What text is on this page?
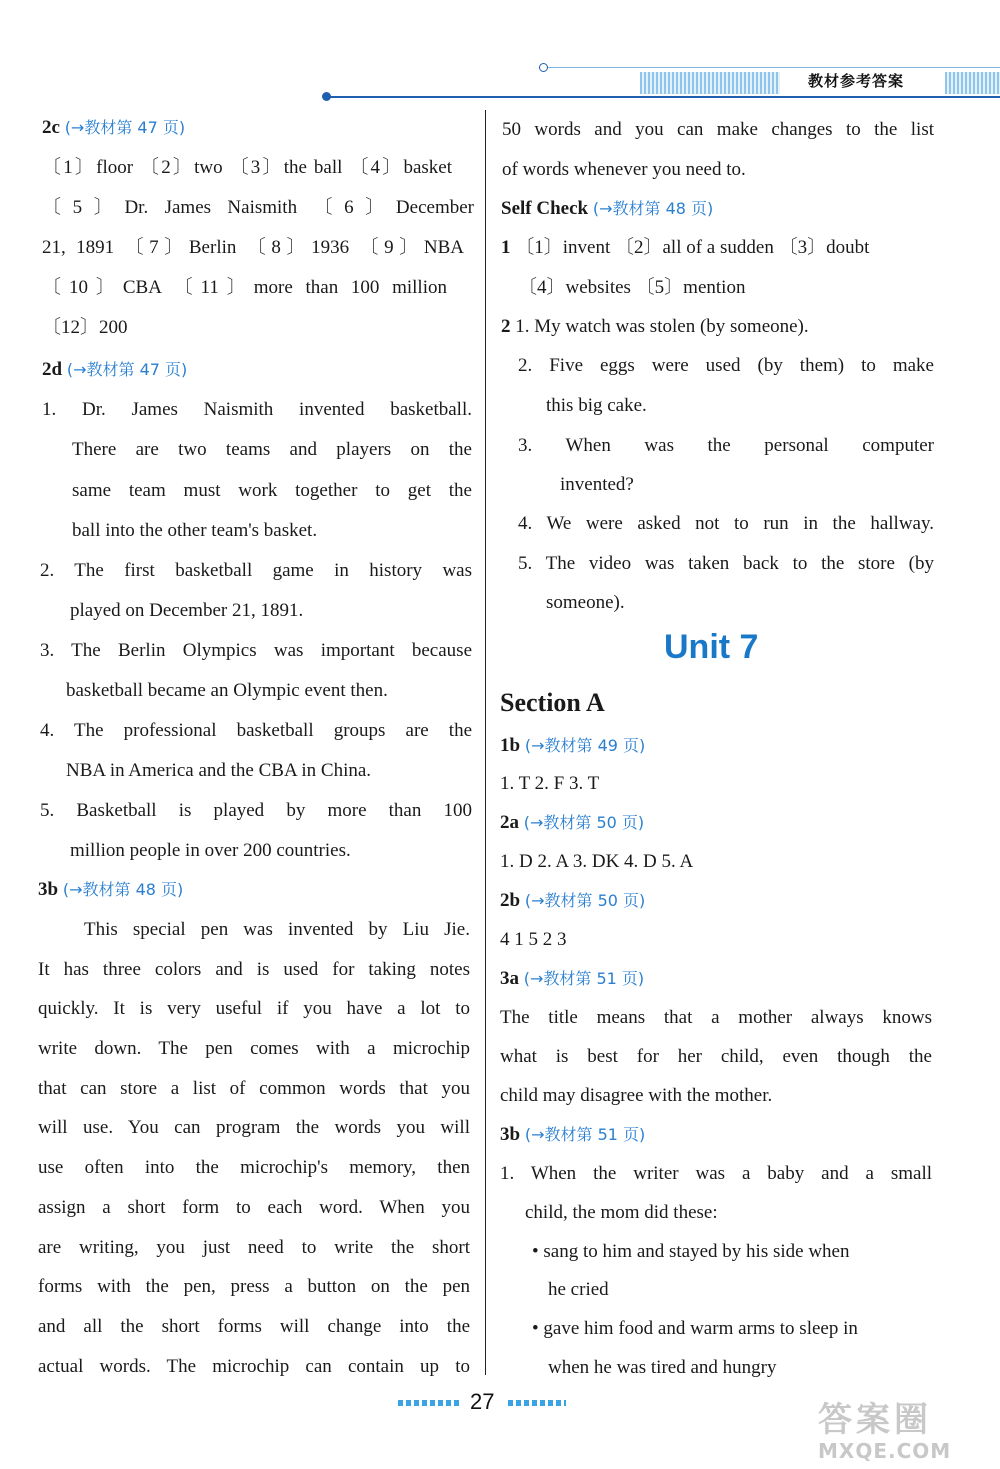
教材参考答案
2c (→教材第 47 页)
〔1〕floor 〔2〕two 〔3〕the ball 〔4〕basket
〔5〕Dr. James Naismith 〔6〕December
21, 1891 〔7〕Berlin 〔8〕1936 〔9〕NBA
〔10〕CBA 〔11〕more than 100 million
〔12〕200
2d (→教材第 47 页)
1. Dr. James Naismith invented basketball.
There are two teams and players on the
same team must work together to get the
ball into the other team's basket.
2. The first basketball game in history was
played on December 21, 1891.
3. The Berlin Olympics was important because
basketball became an Olympic event then.
4. The professional basketball groups are the
NBA in America and the CBA in China.
5. Basketball is played by more than 100
million people in over 200 countries.
3b (→教材第 48 页)
This special pen was invented by Liu Jie.
It has three colors and is used for taking notes
quickly. It is very useful if you have a lot to
write down. The pen comes with a microchip
that can store a list of common words that you
will use. You can program the words you will
use often into the microchip's memory, then
assign a short form to each word. When you
are writing, you just need to write the short
forms with the pen, press a button on the pen
and all the short forms will change into the
actual words. The microchip can contain up to
50 words and you can make changes to the list
of words whenever you need to.
Self Check (→教材第 48 页)
1 〔1〕invent 〔2〕all of a sudden 〔3〕doubt
〔4〕websites 〔5〕mention
2 1. My watch was stolen (by someone).
2. Five eggs were used (by them) to make
this big cake.
3. When was the personal computer
invented?
4. We were asked not to run in the hallway.
5. The video was taken back to the store (by
someone).
Unit 7
Section A
1b (→教材第 49 页)
1. T 2. F 3. T
2a (→教材第 50 页)
1. D 2. A 3. DK 4. D 5. A
2b (→教材第 50 页)
4 1 5 2 3
3a (→教材第 51 页)
The title means that a mother always knows
what is best for her child, even though the
child may disagree with the mother.
3b (→教材第 51 页)
1. When the writer was a baby and a small
child, the mom did these:
• sang to him and stayed by his side when
he cried
• gave him food and warm arms to sleep in
when he was tired and hungry
27	答案圈
MXQE.COM
